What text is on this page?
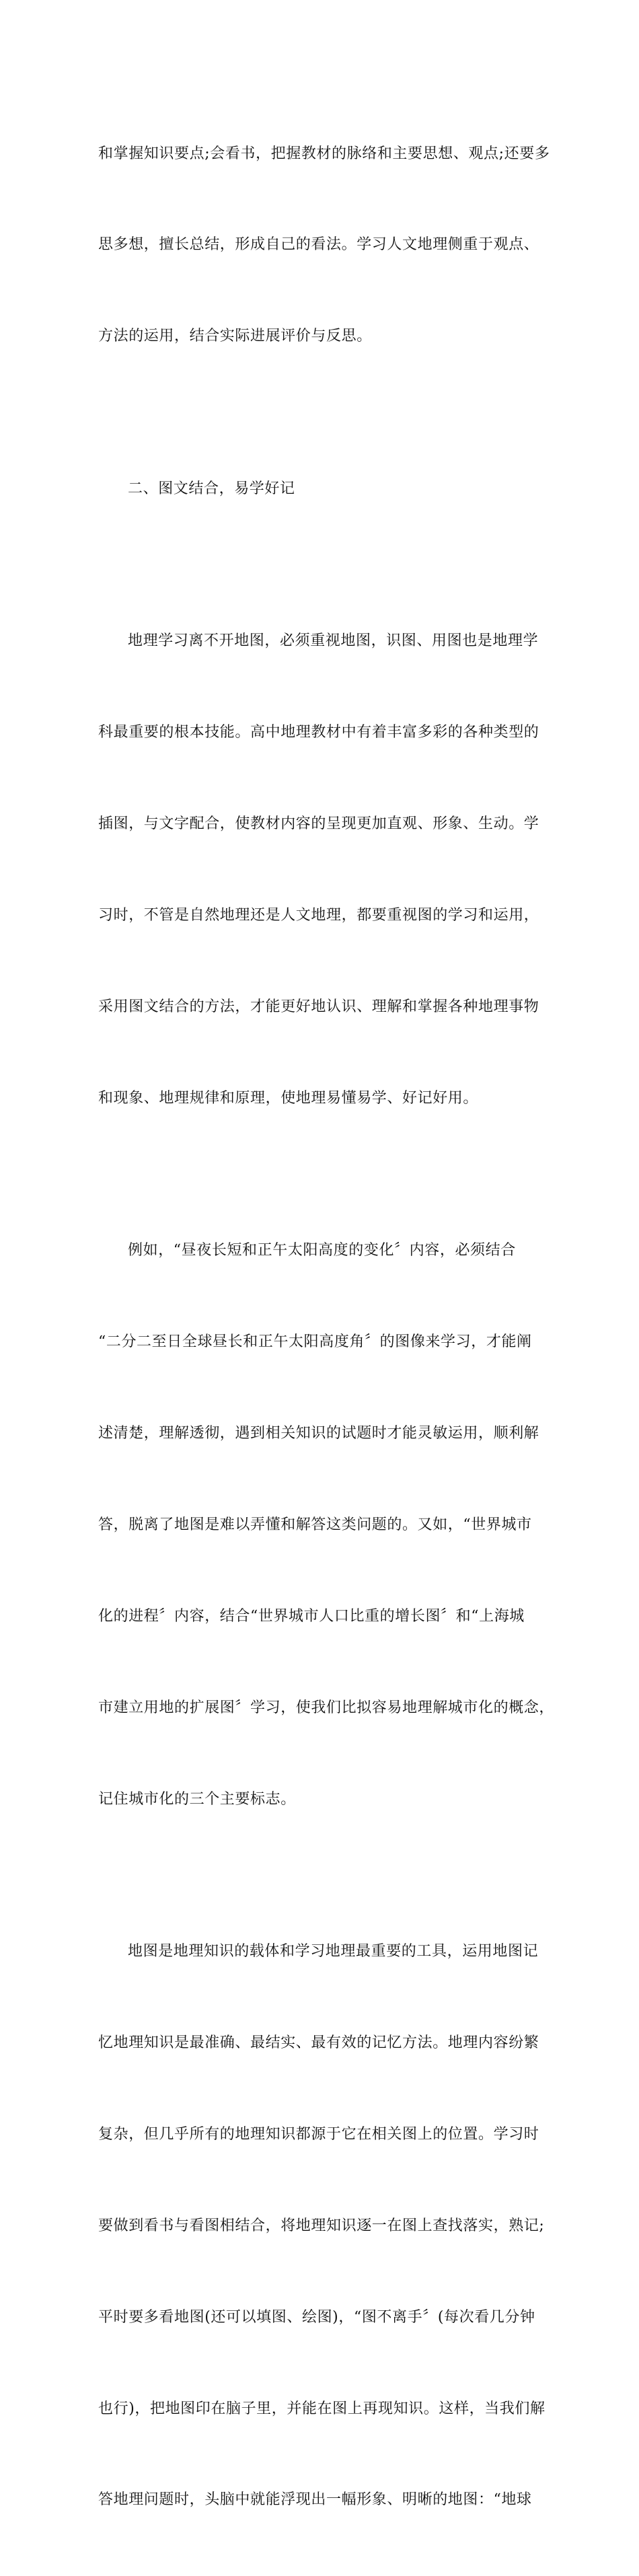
和掌握知识要点;会看书，把握教材的脉络和主要思想、观点;还要多

思多想，擅长总结，形成自己的看法。学习人文地理侧重于观点、

方法的运用，结合实际进展评价与反思。

二、图文结合，易学好记

地理学习离不开地图，必须重视地图，识图、用图也是地理学

科最重要的根本技能。高中地理教材中有着丰富多彩的各种类型的

插图，与文字配合，使教材内容的呈现更加直观、形象、生动。学

习时，不管是自然地理还是人文地理，都要重视图的学习和运用，

采用图文结合的方法，才能更好地认识、理解和掌握各种地理事物

和现象、地理规律和原理，使地理易懂易学、好记好用。

例如，“昼夜长短和正午太阳高度的变化〞内容，必须结合

“二分二至日全球昼长和正午太阳高度角〞的图像来学习，才能阐

述清楚，理解透彻，遇到相关知识的试题时才能灵敏运用，顺利解

答，脱离了地图是难以弄懂和解答这类问题的。又如，“世界城市

化的进程〞内容，结合“世界城市人口比重的增长图〞和“上海城

市建立用地的扩展图〞学习，使我们比拟容易地理解城市化的概念，

记住城市化的三个主要标志。

地图是地理知识的载体和学习地理最重要的工具，运用地图记

忆地理知识是最准确、最结实、最有效的记忆方法。地理内容纷繁

复杂，但几乎所有的地理知识都源于它在相关图上的位置。学习时

要做到看书与看图相结合，将地理知识逐一在图上查找落实，熟记;

平时要多看地图(还可以填图、绘图)，“图不离手〞(每次看几分钟

也行)，把地图印在脑子里，并能在图上再现知识。这样，当我们解

答地理问题时，头脑中就能浮现出一幅形象、明晰的地图：“地球
